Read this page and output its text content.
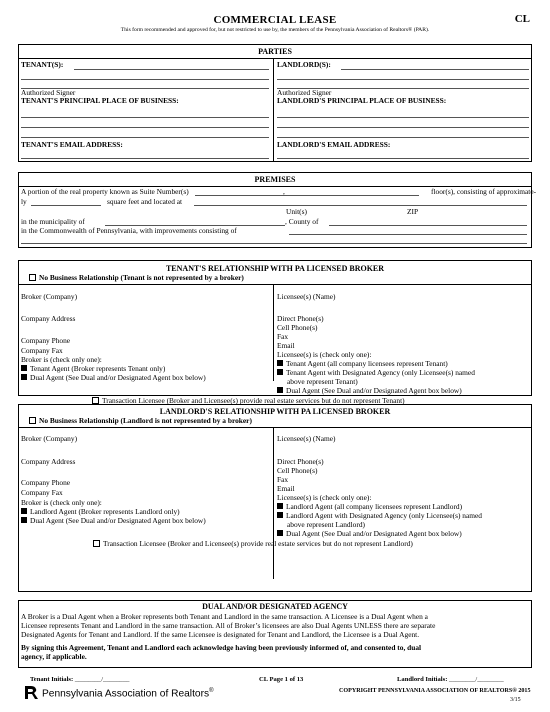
COMMERCIAL LEASE	CL
This form recommended and approved for, but not restricted to use by, the members of the Pennsylvania Association of Realtors® (PAR).
PARTIES
TENANT(S):
Authorized Signer
TENANT'S PRINCIPAL PLACE OF BUSINESS:
TENANT'S EMAIL ADDRESS:
LANDLORD(S):
Authorized Signer
LANDLORD'S PRINCIPAL PLACE OF BUSINESS:
LANDLORD'S EMAIL ADDRESS:
PREMISES
A portion of the real property known as Suite Number(s)	,	floor(s), consisting of approximate-
ly	square feet and located at
Unit(s)	ZIP
in the municipality of	, County of
in the Commonwealth of Pennsylvania, with improvements consisting of
TENANT'S RELATIONSHIP WITH PA LICENSED BROKER
No Business Relationship (Tenant is not represented by a broker)
Broker (Company)
Company Address
Company Phone
Company Fax
Broker is (check only one):
Tenant Agent (Broker represents Tenant only)
Dual Agent (See Dual and/or Designated Agent box below)
Licensee(s) (Name)
Direct Phone(s)
Cell Phone(s)
Fax
Email
Licensee(s) is (check only one):
Tenant Agent (all company licensees represent Tenant)
Tenant Agent with Designated Agency (only Licensee(s) named
above represent Tenant)
Dual Agent (See Dual and/or Designated Agent box below)
Transaction Licensee (Broker and Licensee(s) provide real estate services but do not represent Tenant)
LANDLORD'S RELATIONSHIP WITH PA LICENSED BROKER
No Business Relationship (Landlord is not represented by a broker)
Broker (Company)
Company Address
Company Phone
Company Fax
Broker is (check only one):
Landlord Agent (Broker represents Landlord only)
Dual Agent (See Dual and/or Designated Agent box below)
Licensee(s) (Name)
Direct Phone(s)
Cell Phone(s)
Fax
Email
Licensee(s) is (check only one):
Landlord Agent (all company licensees represent Landlord)
Landlord Agent with Designated Agency (only Licensee(s) named
above represent Landlord)
Dual Agent (See Dual and/or Designated Agent box below)
Transaction Licensee (Broker and Licensee(s) provide real estate services but do not represent Landlord)
DUAL AND/OR DESIGNATED AGENCY
A Broker is a Dual Agent when a Broker represents both Tenant and Landlord in the same transaction. A Licensee is a Dual Agent when a
Licensee represents Tenant and Landlord in the same transaction. All of Broker’s licensees are also Dual Agents UNLESS there are separate
Designated Agents for Tenant and Landlord. If the same Licensee is designated for Tenant and Landlord, the Licensee is a Dual Agent.
By signing this Agreement, Tenant and Landlord each acknowledge having been previously informed of, and consented to, dual
agency, if applicable.
Tenant Initials: ________/________	CL Page 1 of 13	Landlord Initials: ________/________
Pennsylvania Association of Realtors®	COPYRIGHT PENNSYLVANIA ASSOCIATION OF REALTORS® 2015
3/15
